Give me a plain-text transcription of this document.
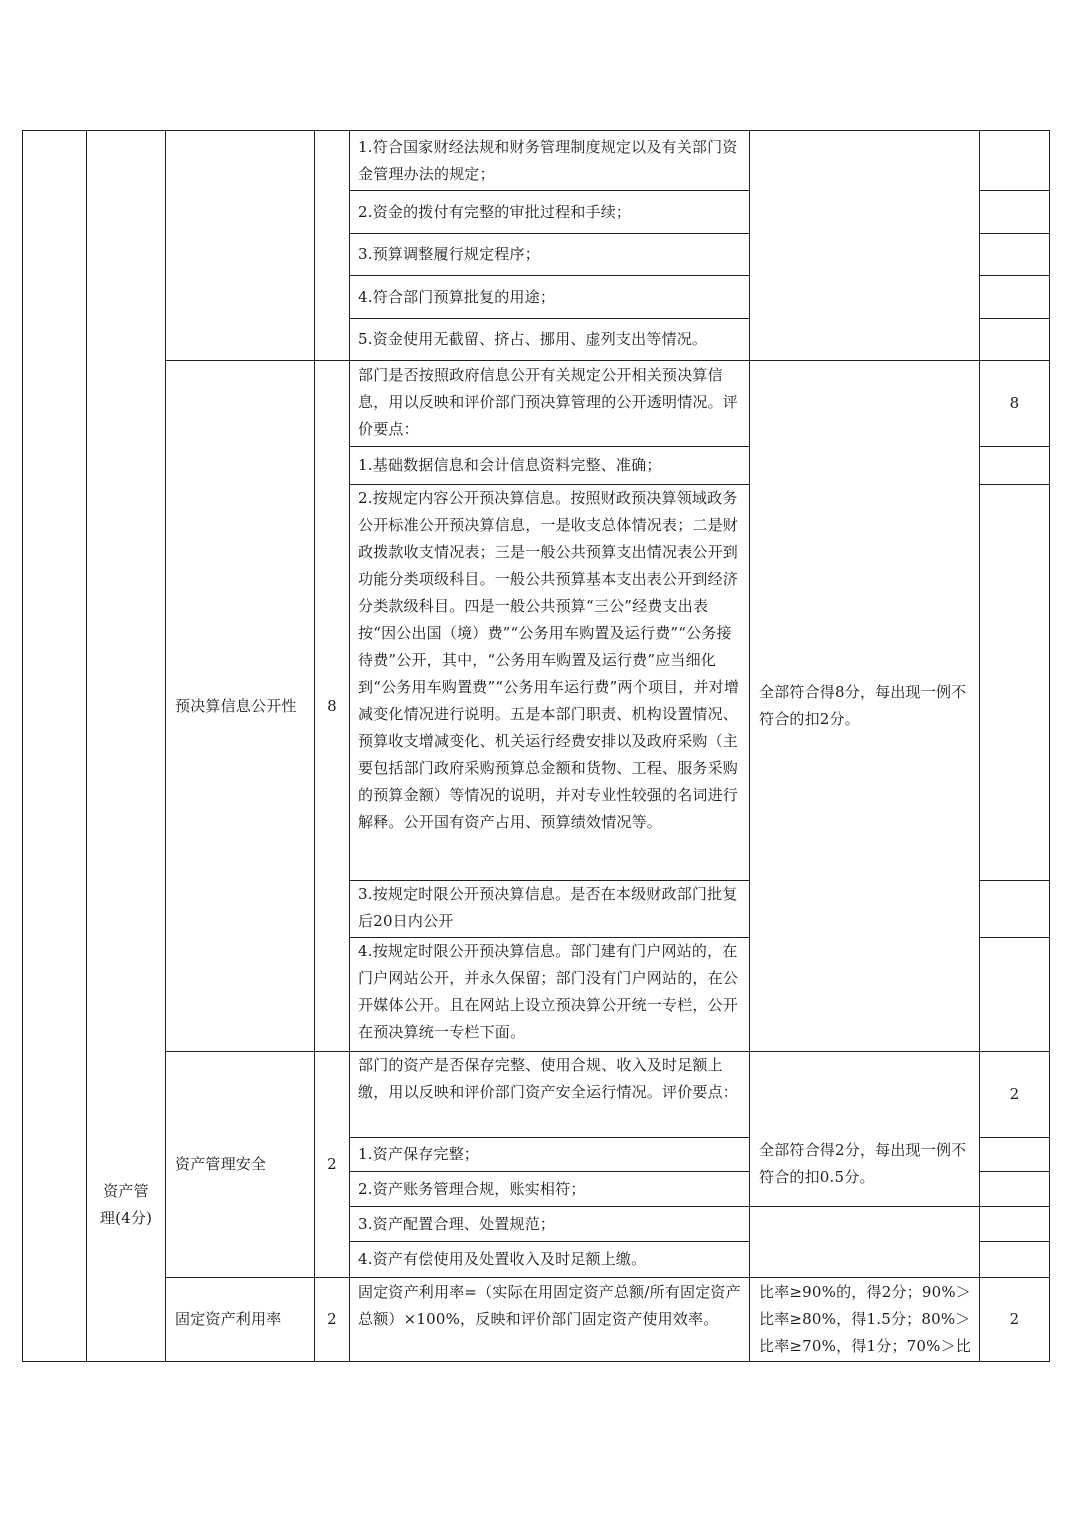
1.符合国家财经法规和财务管理制度规定以及有关部门资金管理办法的规定；
2.资金的拨付有完整的审批过程和手续；
3.预算调整履行规定程序；
4.符合部门预算批复的用途；
5.资金使用无截留、挤占、挪用、虚列支出等情况。
预决算信息公开性 8
部门是否按照政府信息公开有关规定公开相关预决算信息，用以反映和评价部门预决算管理的公开透明情况。评价要点：
1.基础数据信息和会计信息资料完整、准确；
2.按规定内容公开预决算信息。按照财政预决算领域政务公开标准公开预决算信息，一是收支总体情况表；二是财政拨款收支情况表；三是一般公共预算支出情况表公开到功能分类项级科目。一般公共预算基本支出表公开到经济分类款级科目。四是一般公共预算“三公”经费支出表按“因公出国（境）费”“公务用车购置及运行费”“公务接待费”公开，其中，“公务用车购置及运行费”应当细化到“公务用车购置费”“公务用车运行费”两个项目，并对增减变化情况进行说明。五是本部门职责、机构设置情况、预算收支增减变化、机关运行经费安排以及政府采购（主要包括部门政府采购预算总金额和货物、工程、服务采购的预算金额）等情况的说明，并对专业性较强的名词进行解释。公开国有资产占用、预算绩效情况等。
3.按规定时限公开预决算信息。是否在本级财政部门批复后20日内公开
4.按规定时限公开预决算信息。部门建有门户网站的，在门户网站公开，并永久保留；部门没有门户网站的，在公开媒体公开。且在网站上设立预决算公开统一专栏，公开在预决算统一专栏下面。
全部符合得8分，每出现一例不符合的扣2分。
8
资产管理(4分)
资产管理安全	2
部门的资产是否保存完整、使用合规、收入及时足额上缴，用以反映和评价部门资产安全运行情况。评价要点：
1.资产保存完整；
2.资产账务管理合规，账实相符；
3.资产配置合理、处置规范；
4.资产有偿使用及处置收入及时足额上缴。
全部符合得2分，每出现一例不符合的扣0.5分。
2
固定资产利用率	2
固定资产利用率=（实际在用固定资产总额/所有固定资产总额）×100%，反映和评价部门固定资产使用效率。
比率≥90%的，得2分；90%＞比率≥80%，得1.5分；80%＞比率≥70%，得1分；70%＞比
2
